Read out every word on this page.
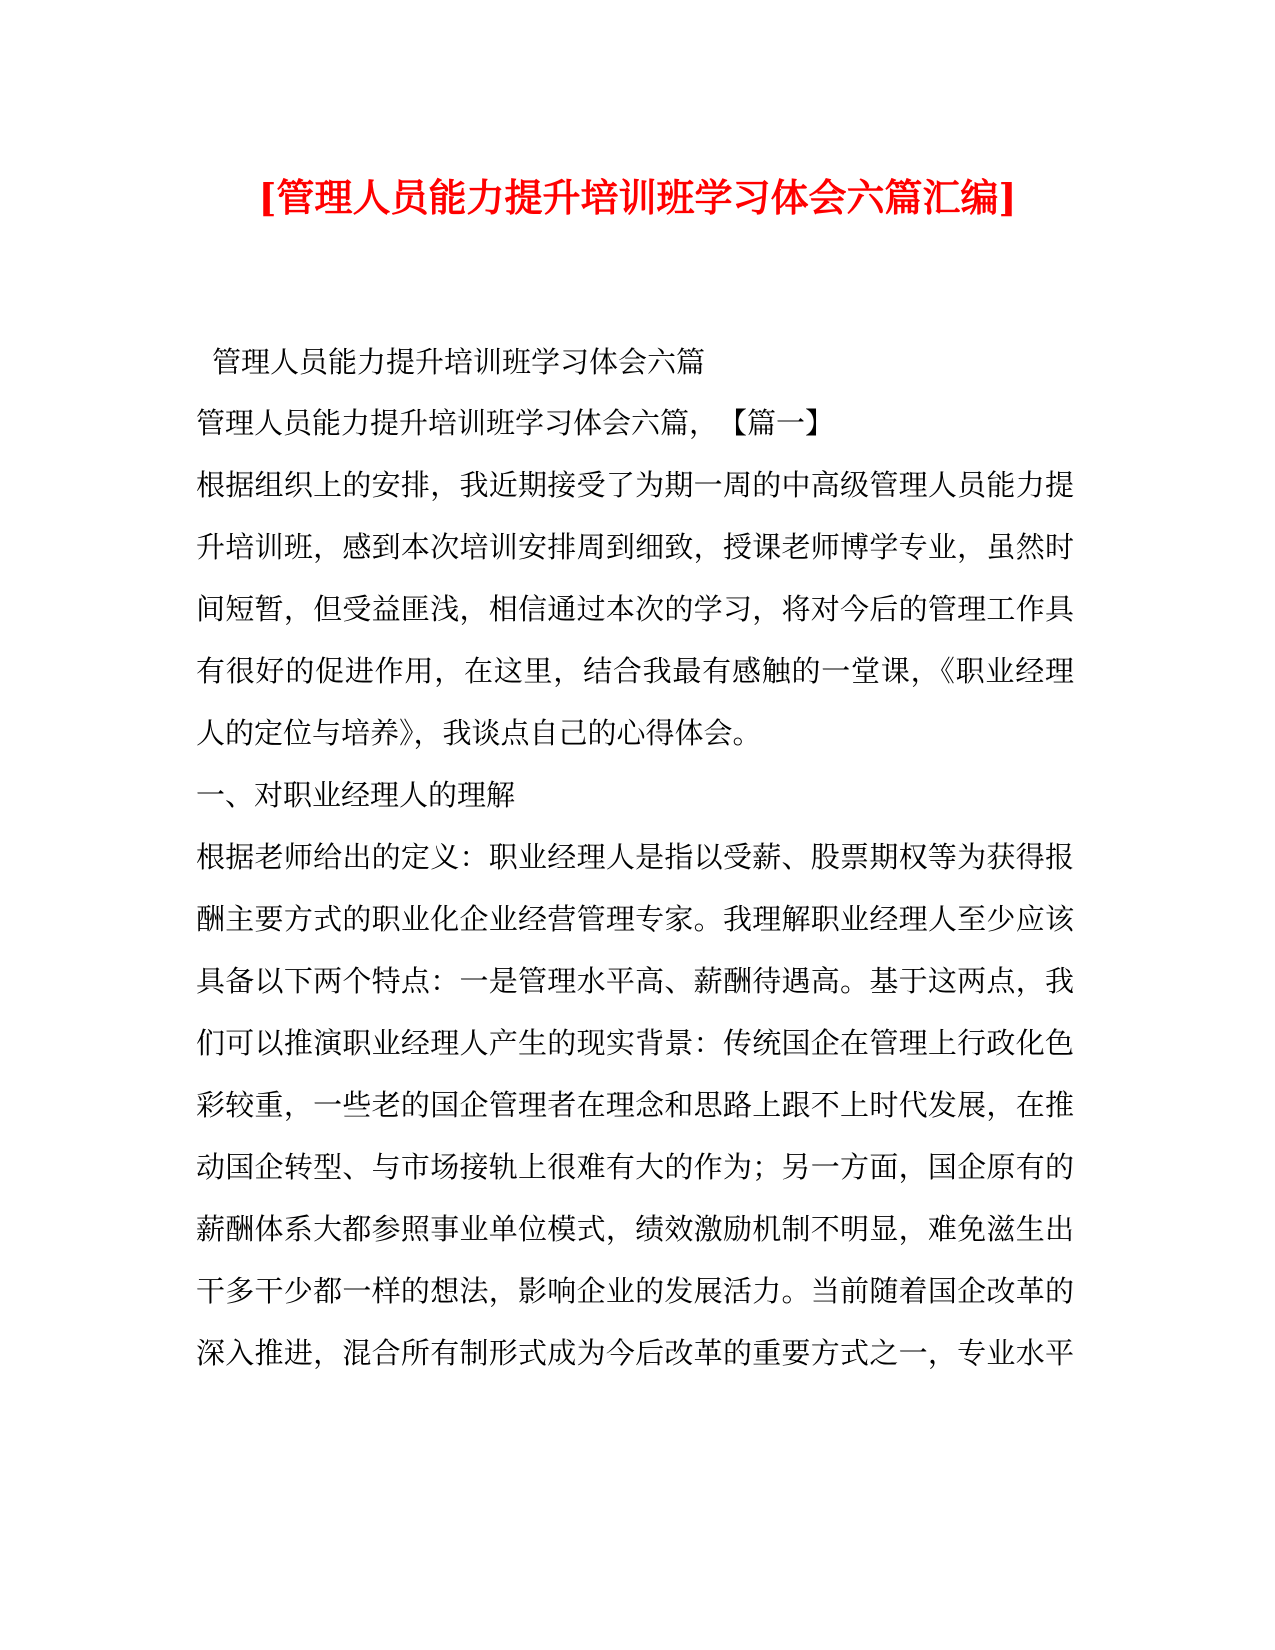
[管理人员能力提升培训班学习体会六篇汇编]
管理人员能力提升培训班学习体会六篇
管理人员能力提升培训班学习体会六篇，　【篇一】
根据组织上的安排，我近期接受了为期一周的中高级管理人员能力提
升培训班，感到本次培训安排周到细致，授课老师博学专业，虽然时
间短暂，但受益匪浅，相信通过本次的学习，将对今后的管理工作具
有很好的促进作用，在这里，结合我最有感触的一堂课，《职业经理
人的定位与培养》，我谈点自己的心得体会。
一、对职业经理人的理解
根据老师给出的定义：职业经理人是指以受薪、股票期权等为获得报
酬主要方式的职业化企业经营管理专家。我理解职业经理人至少应该
具备以下两个特点：一是管理水平高、薪酬待遇高。基于这两点，我
们可以推演职业经理人产生的现实背景：传统国企在管理上行政化色
彩较重，一些老的国企管理者在理念和思路上跟不上时代发展，在推
动国企转型、与市场接轨上很难有大的作为；另一方面，国企原有的
薪酬体系大都参照事业单位模式，绩效激励机制不明显，难免滋生出
干多干少都一样的想法，影响企业的发展活力。当前随着国企改革的
深入推进，混合所有制形式成为今后改革的重要方式之一，专业水平
